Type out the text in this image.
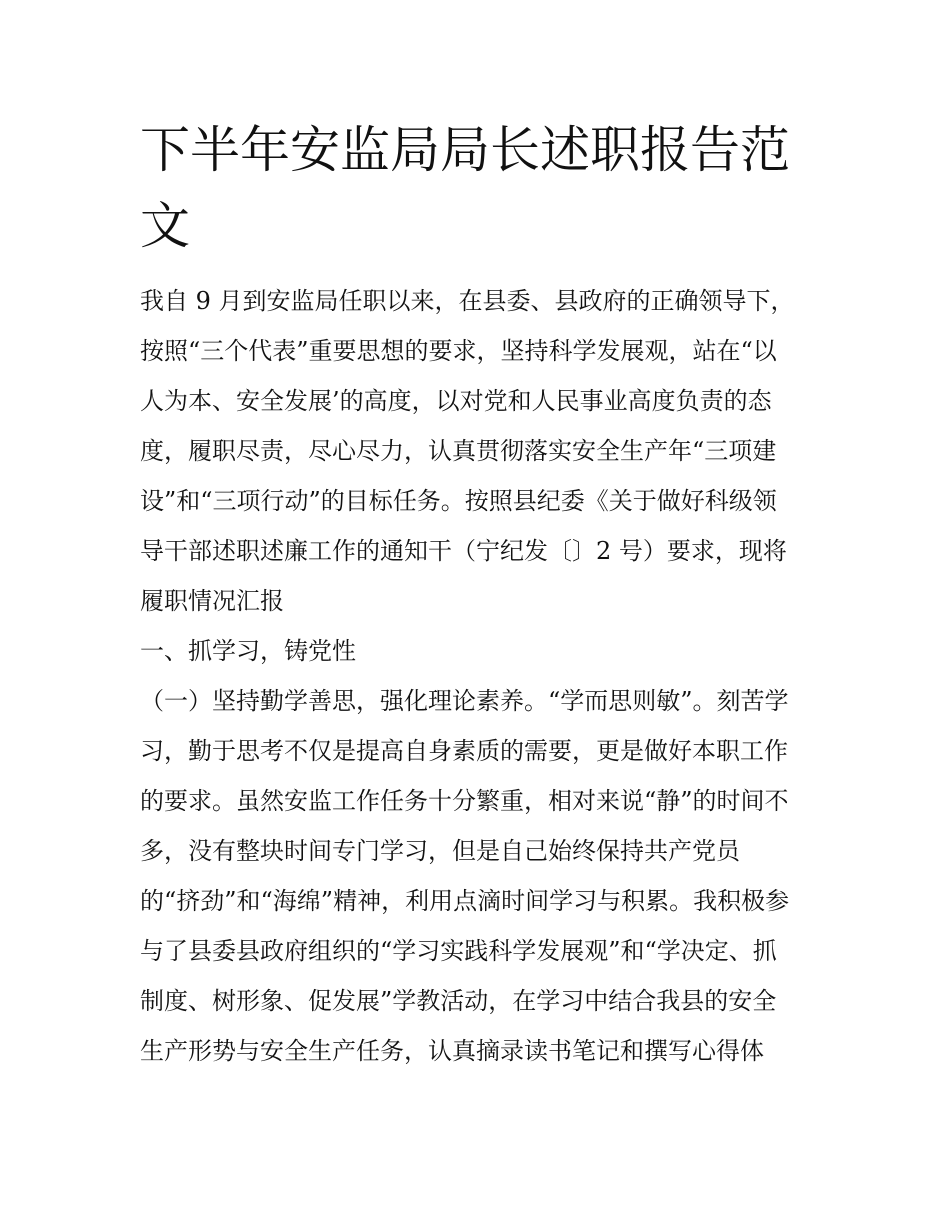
下半年安监局局长述职报告范文
我自 9 月到安监局任职以来，在县委、县政府的正确领导下，
按照“三个代表”重要思想的要求，坚持科学发展观，站在“以
人为本、安全发展’的高度，以对党和人民事业高度负责的态
度，履职尽责，尽心尽力，认真贯彻落实安全生产年“三项建
设”和“三项行动”的目标任务。按照县纪委《关于做好科级领
导干部述职述廉工作的通知干（宁纪发〔〕2 号）要求，现将
履职情况汇报
一、抓学习，铸党性
（一）坚持勤学善思，强化理论素养。“学而思则敏”。刻苦学
习，勤于思考不仅是提高自身素质的需要，更是做好本职工作
的要求。虽然安监工作任务十分繁重，相对来说“静”的时间不
多，没有整块时间专门学习，但是自己始终保持共产党员
的“挤劲”和“海绵”精神，利用点滴时间学习与积累。我积极参
与了县委县政府组织的“学习实践科学发展观”和“学决定、抓
制度、树形象、促发展”学教活动，在学习中结合我县的安全
生产形势与安全生产任务，认真摘录读书笔记和撰写心得体
